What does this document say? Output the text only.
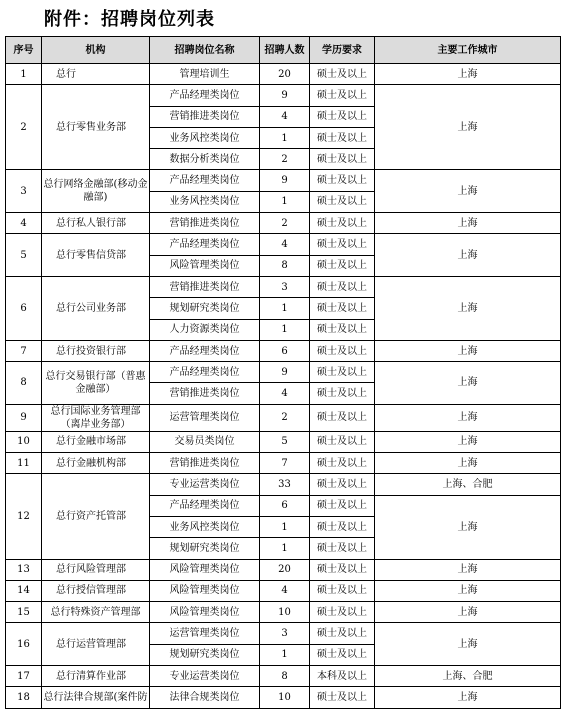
附件：招聘岗位列表
序号	机构	招聘岗位名称	招聘人数	学历要求	主要工作城市
1	总行	管理培训生	20	硕士及以上	上海
2	总行零售业务部	产品经理类岗位	9	硕士及以上	上海
		营销推进类岗位	4	硕士及以上	
		业务风控类岗位	1	硕士及以上	
		数据分析类岗位	2	硕士及以上	
3	总行网络金融部(移动金融部)	产品经理类岗位	9	硕士及以上	上海
		业务风控类岗位	1	硕士及以上	
4	总行私人银行部	营销推进类岗位	2	硕士及以上	上海
5	总行零售信贷部	产品经理类岗位	4	硕士及以上	上海
		风险管理类岗位	8	硕士及以上	
6	总行公司业务部	营销推进类岗位	3	硕士及以上	上海
		规划研究类岗位	1	硕士及以上	
		人力资源类岗位	1	硕士及以上	
7	总行投资银行部	产品经理类岗位	6	硕士及以上	上海
8	总行交易银行部（普惠金融部）	产品经理类岗位	9	硕士及以上	上海
		营销推进类岗位	4	硕士及以上	
9	总行国际业务管理部（离岸业务部）	运营管理类岗位	2	硕士及以上	上海
10	总行金融市场部	交易员类岗位	5	硕士及以上	上海
11	总行金融机构部	营销推进类岗位	7	硕士及以上	上海
12	总行资产托管部	专业运营类岗位	33	硕士及以上	上海、合肥
		产品经理类岗位	6	硕士及以上	上海
		业务风控类岗位	1	硕士及以上	
		规划研究类岗位	1	硕士及以上	
13	总行风险管理部	风险管理类岗位	20	硕士及以上	上海
14	总行授信管理部	风险管理类岗位	4	硕士及以上	上海
15	总行特殊资产管理部	风险管理类岗位	10	硕士及以上	上海
16	总行运营管理部	运营管理类岗位	3	硕士及以上	上海
		规划研究类岗位	1	硕士及以上	
17	总行清算作业部	专业运营类岗位	8	本科及以上	上海、合肥
18	总行法律合规部(案件防	法律合规类岗位	10	硕士及以上	上海
